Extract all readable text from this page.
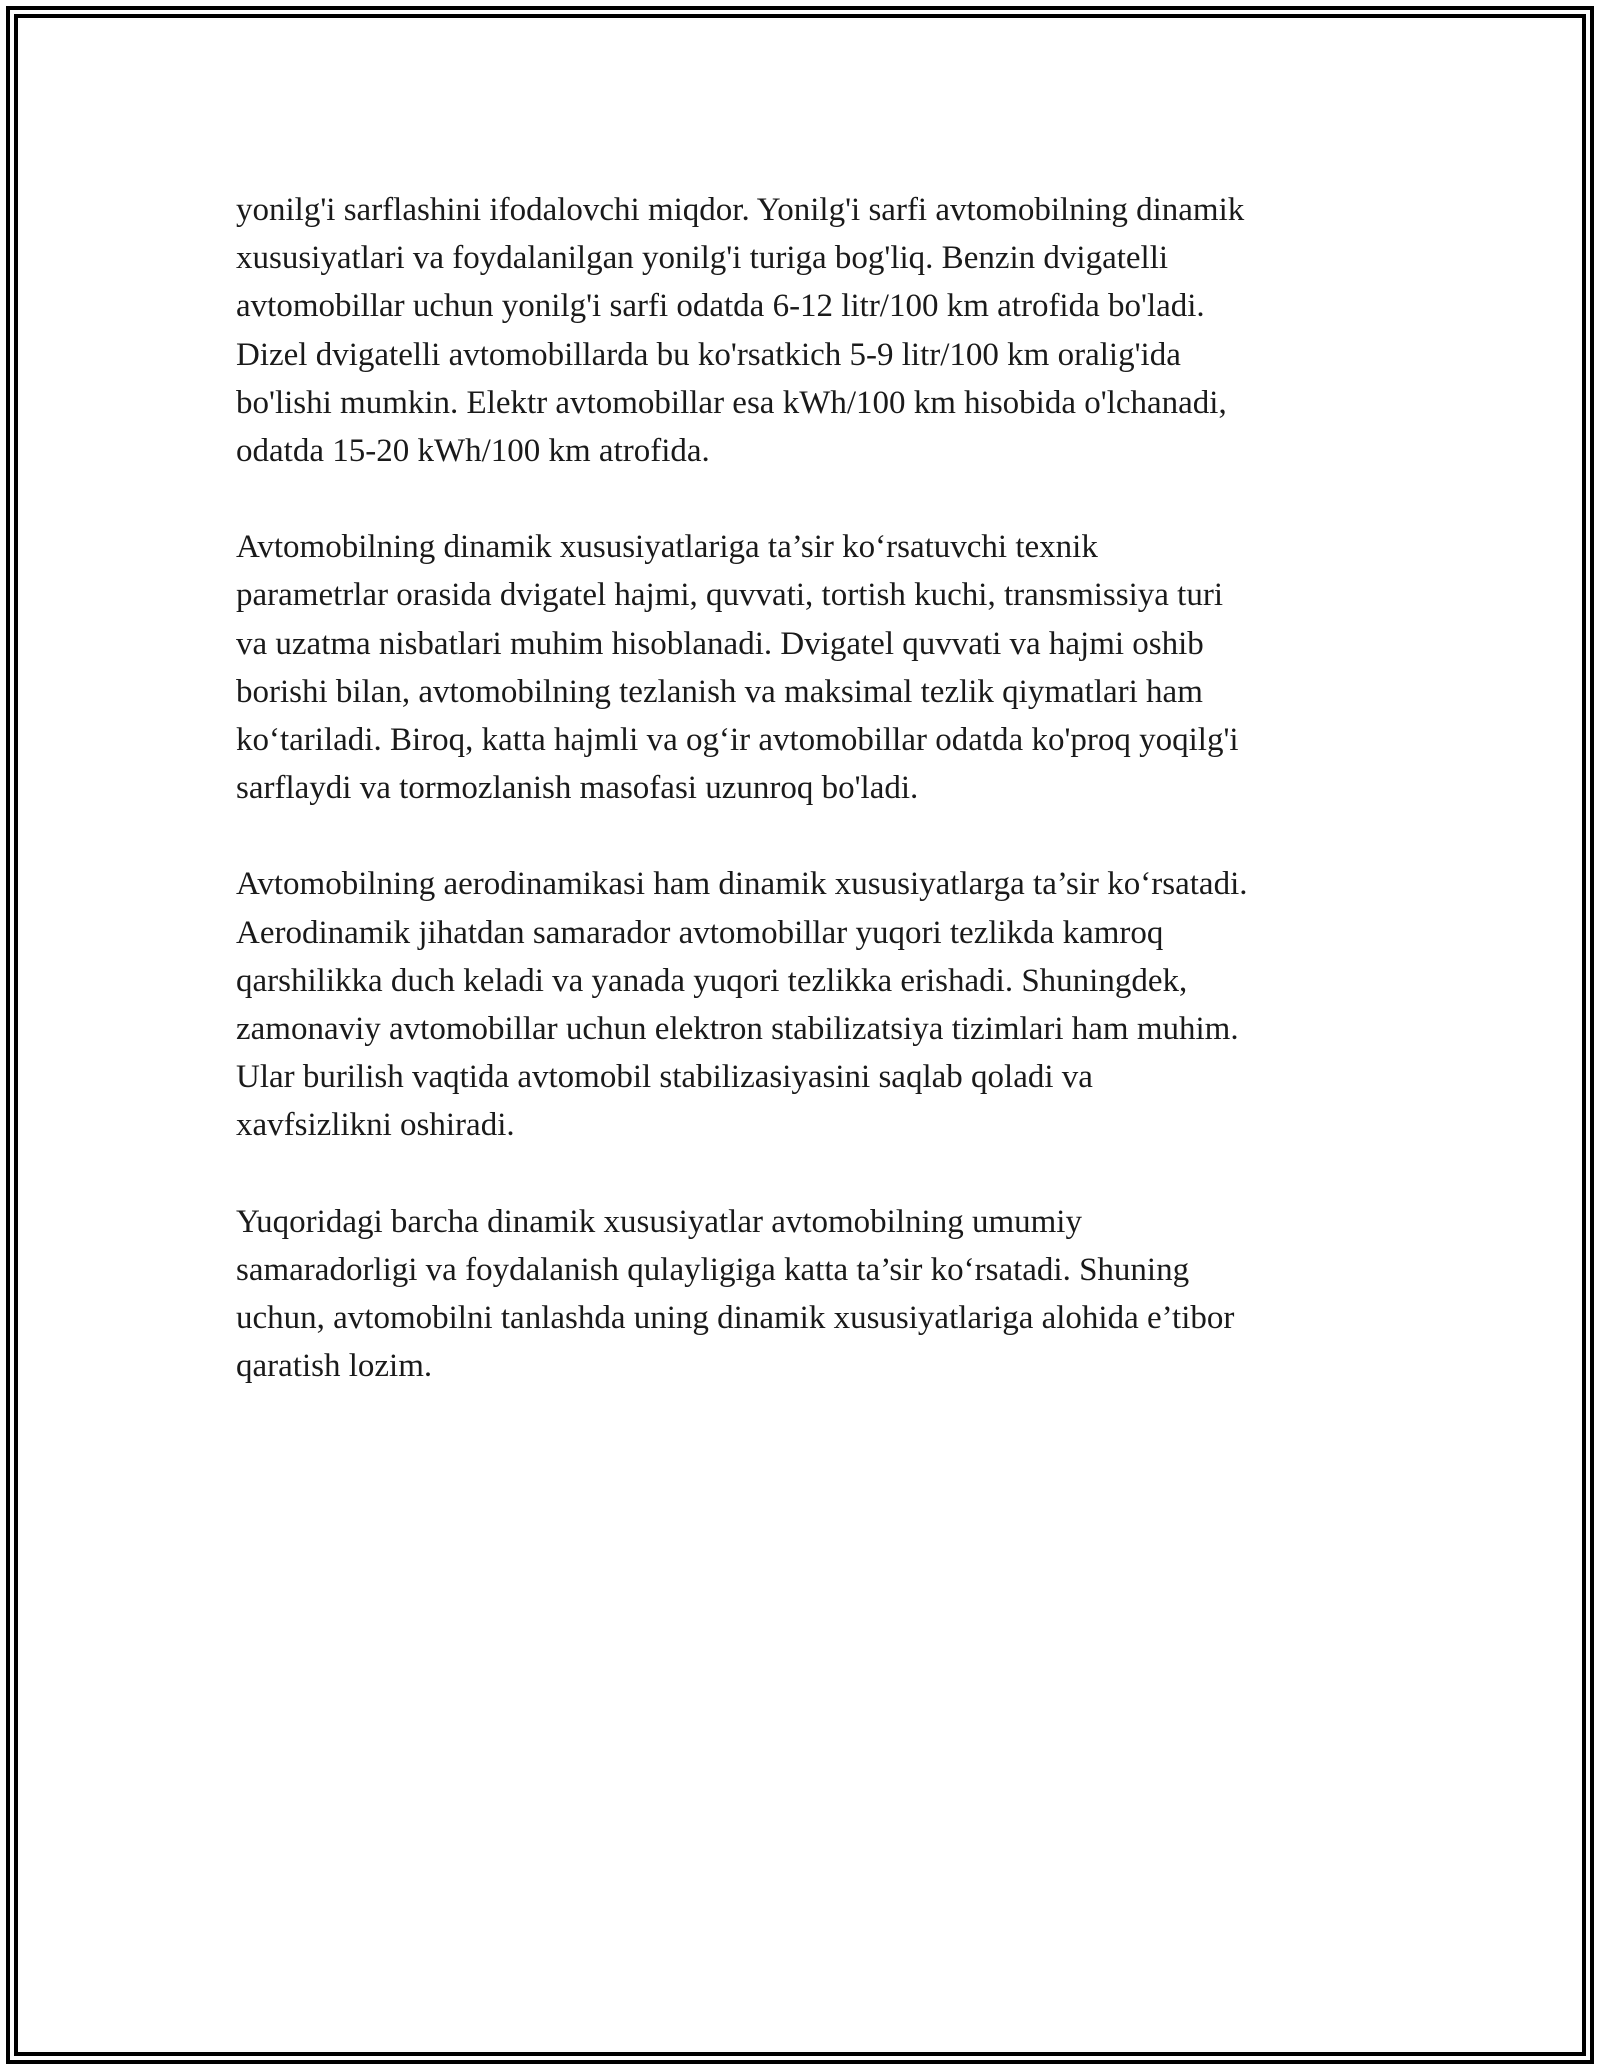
yonilg'i sarflashini ifodalovchi miqdor. Yonilg'i sarfi avtomobilning dinamik
xususiyatlari va foydalanilgan yonilg'i turiga bog'liq. Benzin dvigatelli
avtomobillar uchun yonilg'i sarfi odatda 6-12 litr/100 km atrofida bo'ladi.
Dizel dvigatelli avtomobillarda bu ko'rsatkich 5-9 litr/100 km oralig'ida
bo'lishi mumkin. Elektr avtomobillar esa kWh/100 km hisobida o'lchanadi,
odatda 15-20 kWh/100 km atrofida.

Avtomobilning dinamik xususiyatlariga ta’sir ko‘rsatuvchi texnik
parametrlar orasida dvigatel hajmi, quvvati, tortish kuchi, transmissiya turi
va uzatma nisbatlari muhim hisoblanadi. Dvigatel quvvati va hajmi oshib
borishi bilan, avtomobilning tezlanish va maksimal tezlik qiymatlari ham
ko‘tariladi. Biroq, katta hajmli va og‘ir avtomobillar odatda ko'proq yoqilg'i
sarflaydi va tormozlanish masofasi uzunroq bo'ladi.

Avtomobilning aerodinamikasi ham dinamik xususiyatlarga ta’sir ko‘rsatadi.
Aerodinamik jihatdan samarador avtomobillar yuqori tezlikda kamroq
qarshilikka duch keladi va yanada yuqori tezlikka erishadi. Shuningdek,
zamonaviy avtomobillar uchun elektron stabilizatsiya tizimlari ham muhim.
Ular burilish vaqtida avtomobil stabilizasiyasini saqlab qoladi va
xavfsizlikni oshiradi.

Yuqoridagi barcha dinamik xususiyatlar avtomobilning umumiy
samaradorligi va foydalanish qulayligiga katta ta’sir ko‘rsatadi. Shuning
uchun, avtomobilni tanlashda uning dinamik xususiyatlariga alohida e’tibor
qaratish lozim.
